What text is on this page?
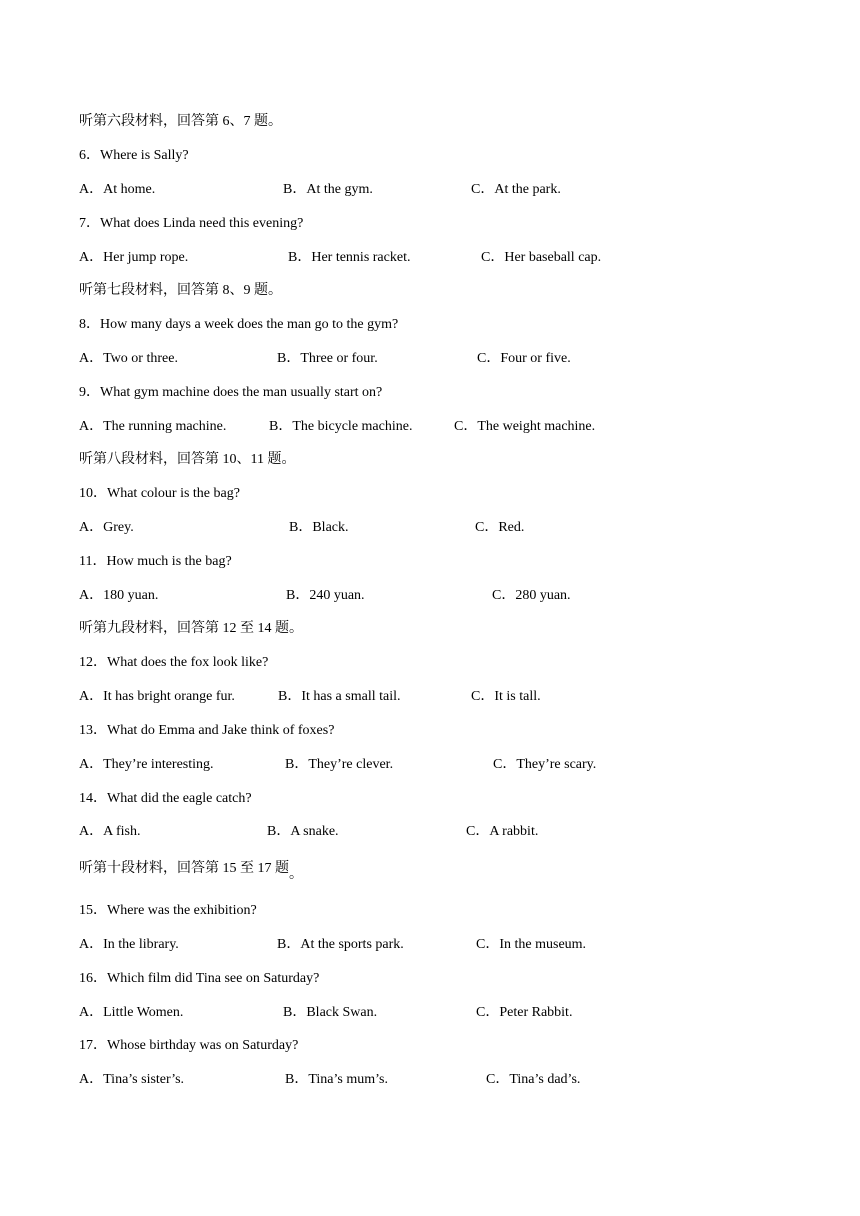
听第六段材料，回答第 6、7 题。
6．Where is Sally?
A．At home.	B．At the gym.	C．At the park.
7．What does Linda need this evening?
A．Her jump rope.	B．Her tennis racket.	C．Her baseball cap.
听第七段材料，回答第 8、9 题。
8．How many days a week does the man go to the gym?
A．Two or three.	B．Three or four.	C．Four or five.
9．What gym machine does the man usually start on?
A．The running machine.	B．The bicycle machine.	C．The weight machine.
听第八段材料，回答第 10、11 题。
10．What colour is the bag?
A．Grey.	B．Black.	C．Red.
11．How much is the bag?
A．180 yuan.	B．240 yuan.	C．280 yuan.
听第九段材料，回答第 12 至 14 题。
12．What does the fox look like?
A．It has bright orange fur.	B．It has a small tail.	C．It is tall.
13．What do Emma and Jake think of foxes?
A．They’re interesting.	B．They’re clever.	C．They’re scary.
14．What did the eagle catch?
A．A fish.	B．A snake.	C．A rabbit.
听第十段材料，回答第 15 至 17 题。
15．Where was the exhibition?
A．In the library.	B．At the sports park.	C．In the museum.
16．Which film did Tina see on Saturday?
A．Little Women.	B．Black Swan.	C．Peter Rabbit.
17．Whose birthday was on Saturday?
A．Tina’s sister’s.	B．Tina’s mum’s.	C．Tina’s dad’s.
